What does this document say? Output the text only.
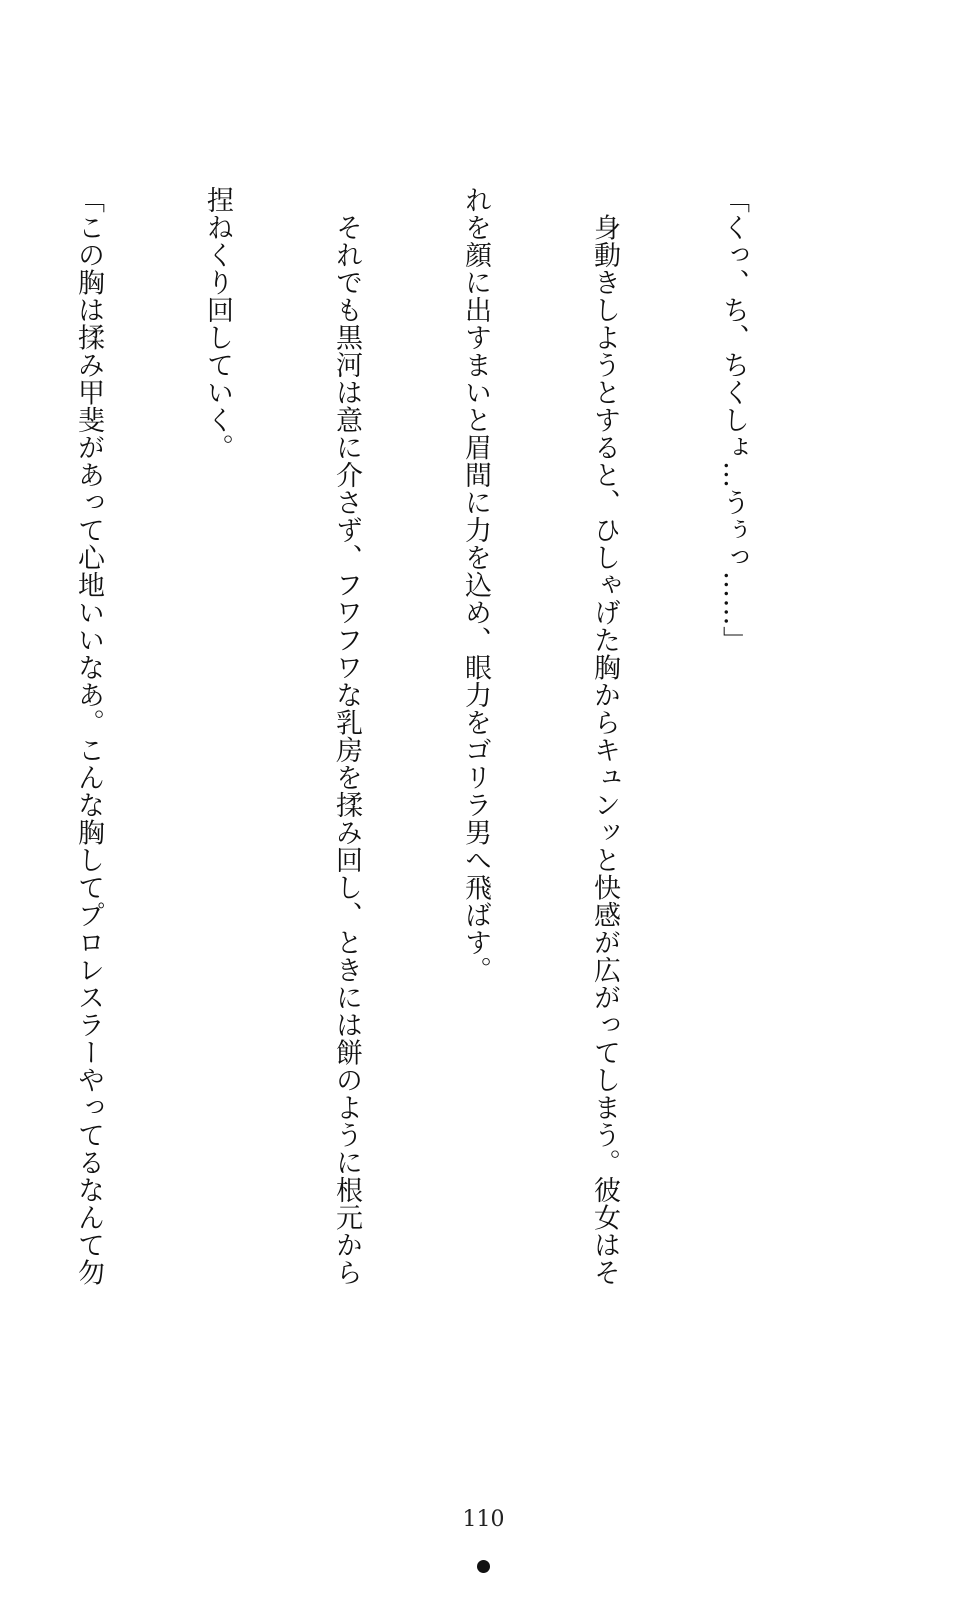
「くっ、ち、ちくしょ…うぅっ……」

　身動きしようとすると、ひしゃげた胸からキュンッと快感が広がってしまう。彼女はそ

れを顔に出すまいと眉間に力を込め、眼力をゴリラ男へ飛ばす。

　それでも黒河は意に介さず、フワフワな乳房を揉み回し、ときには餅のように根元から

捏ねくり回していく。

「この胸は揉み甲斐があって心地いいなあ。こんな胸してプロレスラーやってるなんて勿

110
